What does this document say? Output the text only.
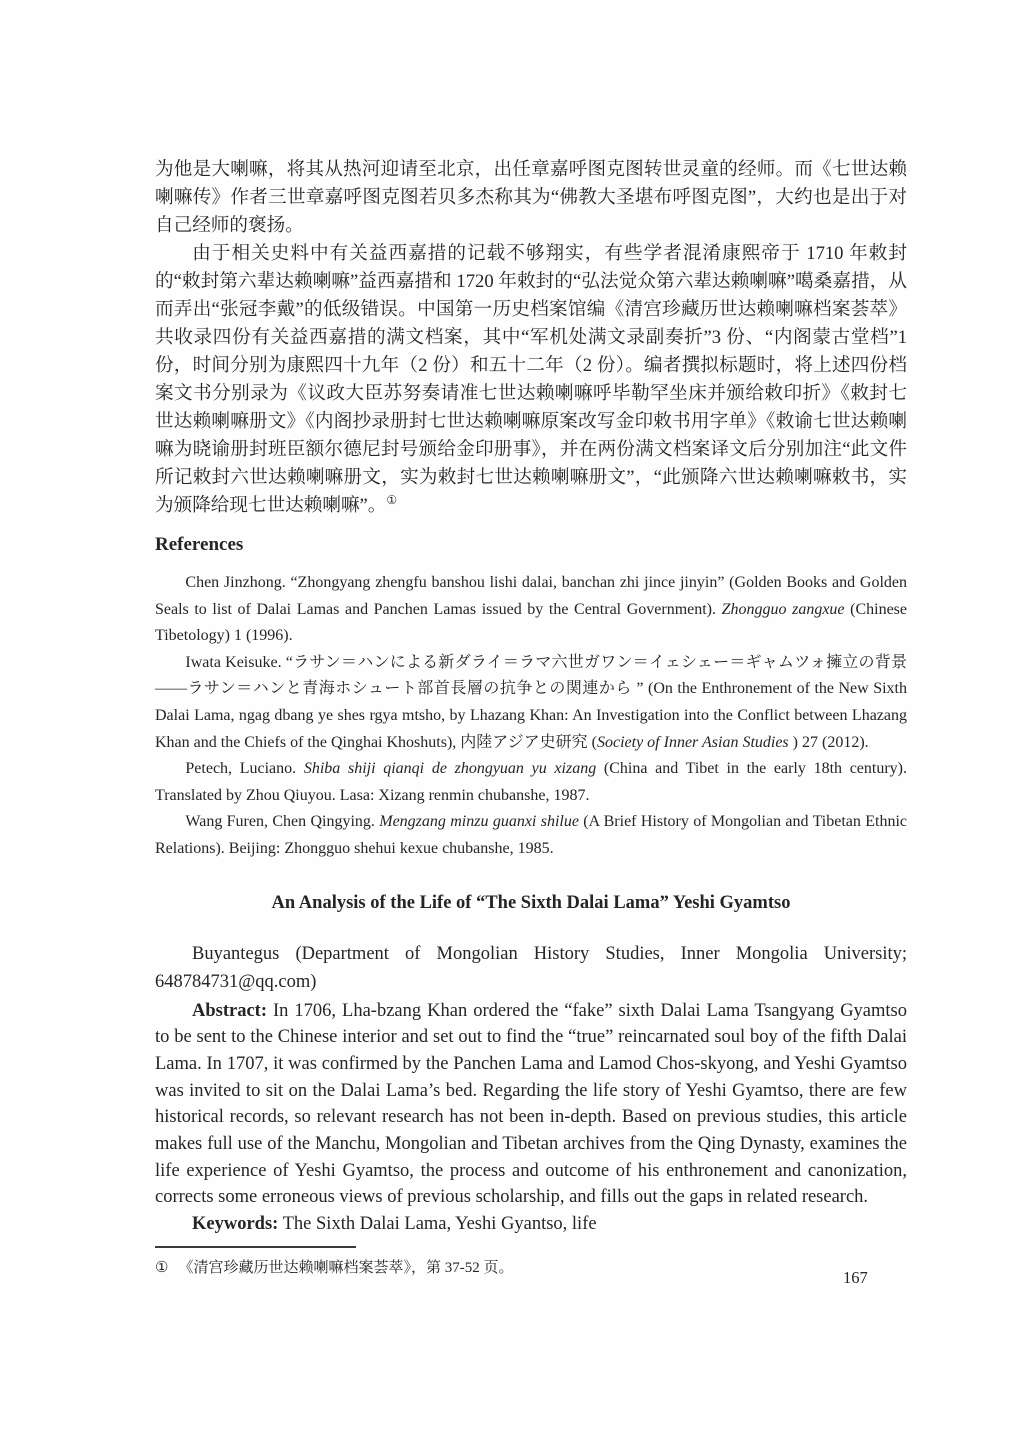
为他是大喇嘛，将其从热河迎请至北京，出任章嘉呼图克图转世灵童的经师。而《七世达赖喇嘛传》作者三世章嘉呼图克图若贝多杰称其为“佛教大圣堪布呼图克图”，大约也是出于对自己经师的褒扬。

由于相关史料中有关益西嘉措的记载不够翔实，有些学者混淆康熙帝于 1710 年敕封的“敕封第六辈达赖喇嘛”益西嘉措和 1720 年敕封的“弘法觉众第六辈达赖喇嘛”噶桑嘉措，从而弄出“张冠李戴”的低级错误。中国第一历史档案馆编《清宫珍藏历世达赖喇嘛档案荟萃》共收录四份有关益西嘉措的满文档案，其中“军机处满文录副奏折”3 份、“内阁蒙古堂档”1 份，时间分别为康熙四十九年（2 份）和五十二年（2 份）。编者撰拟标题时，将上述四份档案文书分别录为《议政大臣苏努奏请准七世达赖喇嘛呼毕勒罕坐床并颁给敕印折》《敕封七世达赖喇嘛册文》《内阁抄录册封七世达赖喇嘛原案改写金印敕书用字单》《敕谕七世达赖喇嘛为晓谕册封班臣额尔德尼封号颁给金印册事》，并在两份满文档案译文后分别加注“此文件所记敕封六世达赖喇嘛册文，实为敕封七世达赖喇嘛册文”，“此颁降六世达赖喇嘛敕书，实为颁降给现七世达赖喇嘛”。①

References

Chen Jinzhong. “Zhongyang zhengfu banshou lishi dalai, banchan zhi jince jinyin” (Golden Books and Golden Seals to list of Dalai Lamas and Panchen Lamas issued by the Central Government). Zhongguo zangxue (Chinese Tibetology) 1 (1996).

Iwata Keisuke. “ラサン＝ハンによる新ダライ＝ラマ六世ガワン＝イェシェー＝ギャムツォ擁立の背景 ——ラサン＝ハンと青海ホシュート部首長層の抗争との関連から ” (On the Enthronement of the New Sixth Dalai Lama, ngag dbang ye shes rgya mtsho, by Lhazang Khan: An Investigation into the Conflict between Lhazang Khan and the Chiefs of the Qinghai Khoshuts), 内陸アジア史研究 (Society of Inner Asian Studies ) 27 (2012).

Petech, Luciano. Shiba shiji qianqi de zhongyuan yu xizang (China and Tibet in the early 18th century). Translated by Zhou Qiuyou. Lasa: Xizang renmin chubanshe, 1987.

Wang Furen, Chen Qingying. Mengzang minzu guanxi shilue (A Brief History of Mongolian and Tibetan Ethnic Relations). Beijing: Zhongguo shehui kexue chubanshe, 1985.

An Analysis of the Life of “The Sixth Dalai Lama” Yeshi Gyamtso

Buyantegus (Department of Mongolian History Studies, Inner Mongolia University; 648784731@qq.com)

Abstract: In 1706, Lha-bzang Khan ordered the “fake” sixth Dalai Lama Tsangyang Gyamtso to be sent to the Chinese interior and set out to find the “true” reincarnated soul boy of the fifth Dalai Lama. In 1707, it was confirmed by the Panchen Lama and Lamod Chos-skyong, and Yeshi Gyamtso was invited to sit on the Dalai Lama’s bed. Regarding the life story of Yeshi Gyamtso, there are few historical records, so relevant research has not been in-depth. Based on previous studies, this article makes full use of the Manchu, Mongolian and Tibetan archives from the Qing Dynasty, examines the life experience of Yeshi Gyamtso, the process and outcome of his enthronement and canonization, corrects some erroneous views of previous scholarship, and fills out the gaps in related research.

Keywords: The Sixth Dalai Lama, Yeshi Gyantso, life

① 《清宫珍藏历世达赖喇嘛档案荟萃》，第 37-52 页。	167
